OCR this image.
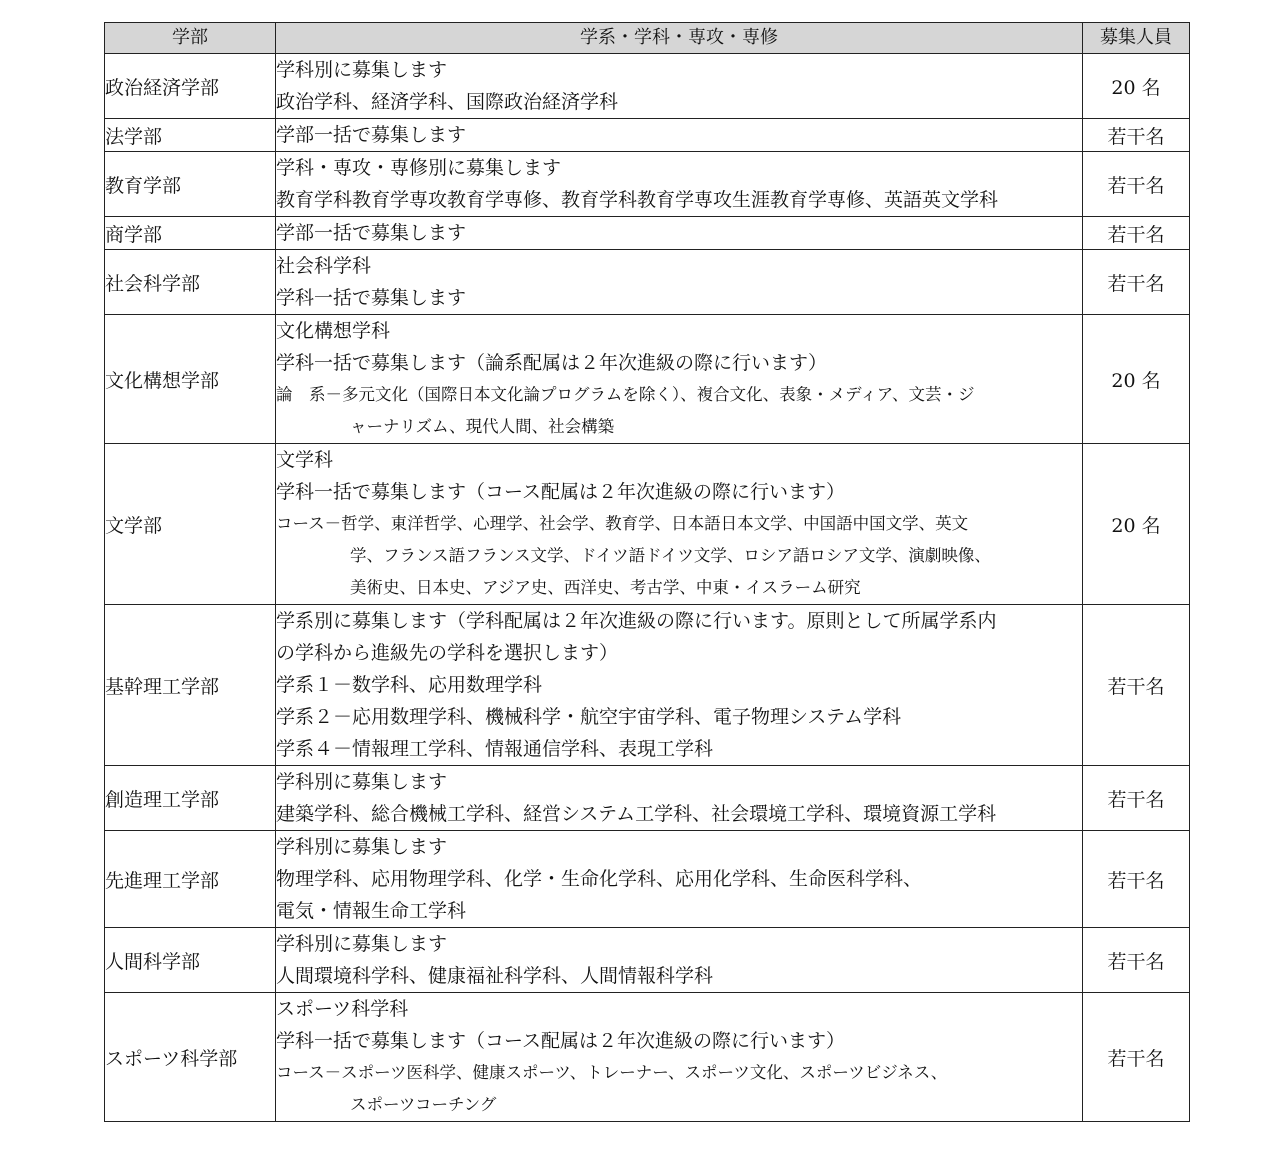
学部	学系・学科・専攻・専修	募集人員
政治経済学部	学科別に募集します
政治学科、経済学科、国際政治経済学科	20 名
法学部	学部一括で募集します	若干名
教育学部	学科・専攻・専修別に募集します
教育学科教育学専攻教育学専修、教育学科教育学専攻生涯教育学専修、英語英文学科	若干名
商学部	学部一括で募集します	若干名
社会科学部	社会科学科
学科一括で募集します	若干名
文化構想学部	文化構想学科
学科一括で募集します（論系配属は２年次進級の際に行います）
論　系－多元文化（国際日本文化論プログラムを除く）、複合文化、表象・メディア、文芸・ジ
ャーナリズム、現代人間、社会構築	20 名
文学部	文学科
学科一括で募集します（コース配属は２年次進級の際に行います）
コース－哲学、東洋哲学、心理学、社会学、教育学、日本語日本文学、中国語中国文学、英文
学、フランス語フランス文学、ドイツ語ドイツ文学、ロシア語ロシア文学、演劇映像、
美術史、日本史、アジア史、西洋史、考古学、中東・イスラーム研究	20 名
基幹理工学部	学系別に募集します（学科配属は２年次進級の際に行います。原則として所属学系内
の学科から進級先の学科を選択します）
学系１－数学科、応用数理学科
学系２－応用数理学科、機械科学・航空宇宙学科、電子物理システム学科
学系４－情報理工学科、情報通信学科、表現工学科	若干名
創造理工学部	学科別に募集します
建築学科、総合機械工学科、経営システム工学科、社会環境工学科、環境資源工学科	若干名
先進理工学部	学科別に募集します
物理学科、応用物理学科、化学・生命化学科、応用化学科、生命医科学科、
電気・情報生命工学科	若干名
人間科学部	学科別に募集します
人間環境科学科、健康福祉科学科、人間情報科学科	若干名
スポーツ科学部	スポーツ科学科
学科一括で募集します（コース配属は２年次進級の際に行います）
コース－スポーツ医科学、健康スポーツ、トレーナー、スポーツ文化、スポーツビジネス、
スポーツコーチング	若干名
